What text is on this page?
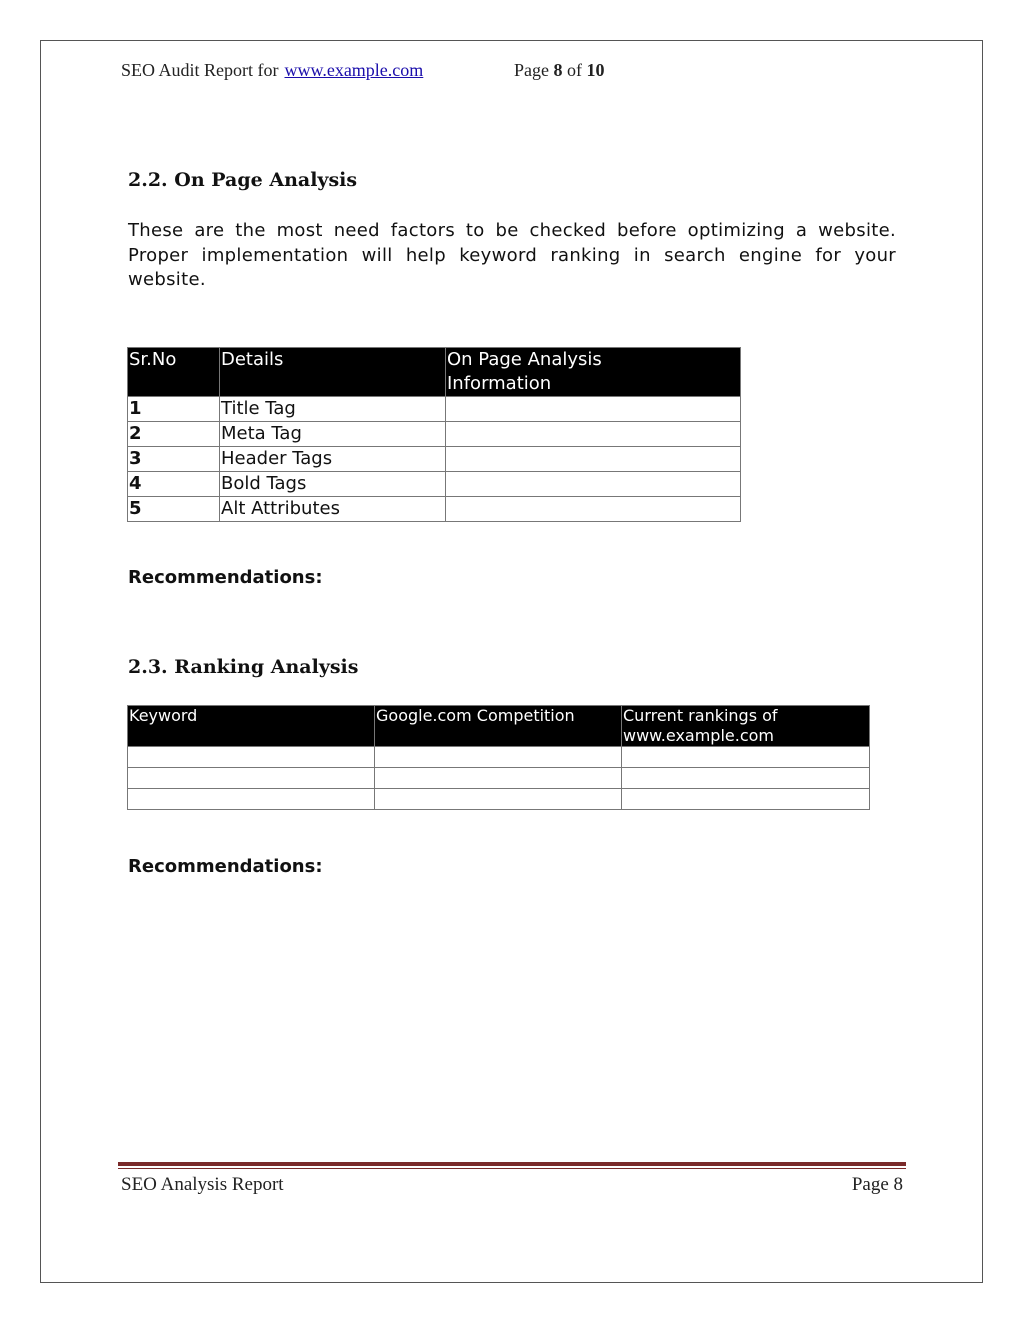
SEO Audit Report for www.example.com	Page 8 of 10
2.2. On Page Analysis
These are the most need factors to be checked before optimizing a website. Proper implementation will help keyword ranking in search engine for your website.
Sr.No	Details	On Page Analysis
		Information
1	Title Tag	
2	Meta Tag	
3	Header Tags	
4	Bold Tags	
5	Alt Attributes	
Recommendations:
2.3. Ranking Analysis
Keyword	Google.com Competition	Current rankings of
		www.example.com

Recommendations:
SEO Analysis Report	Page 8
